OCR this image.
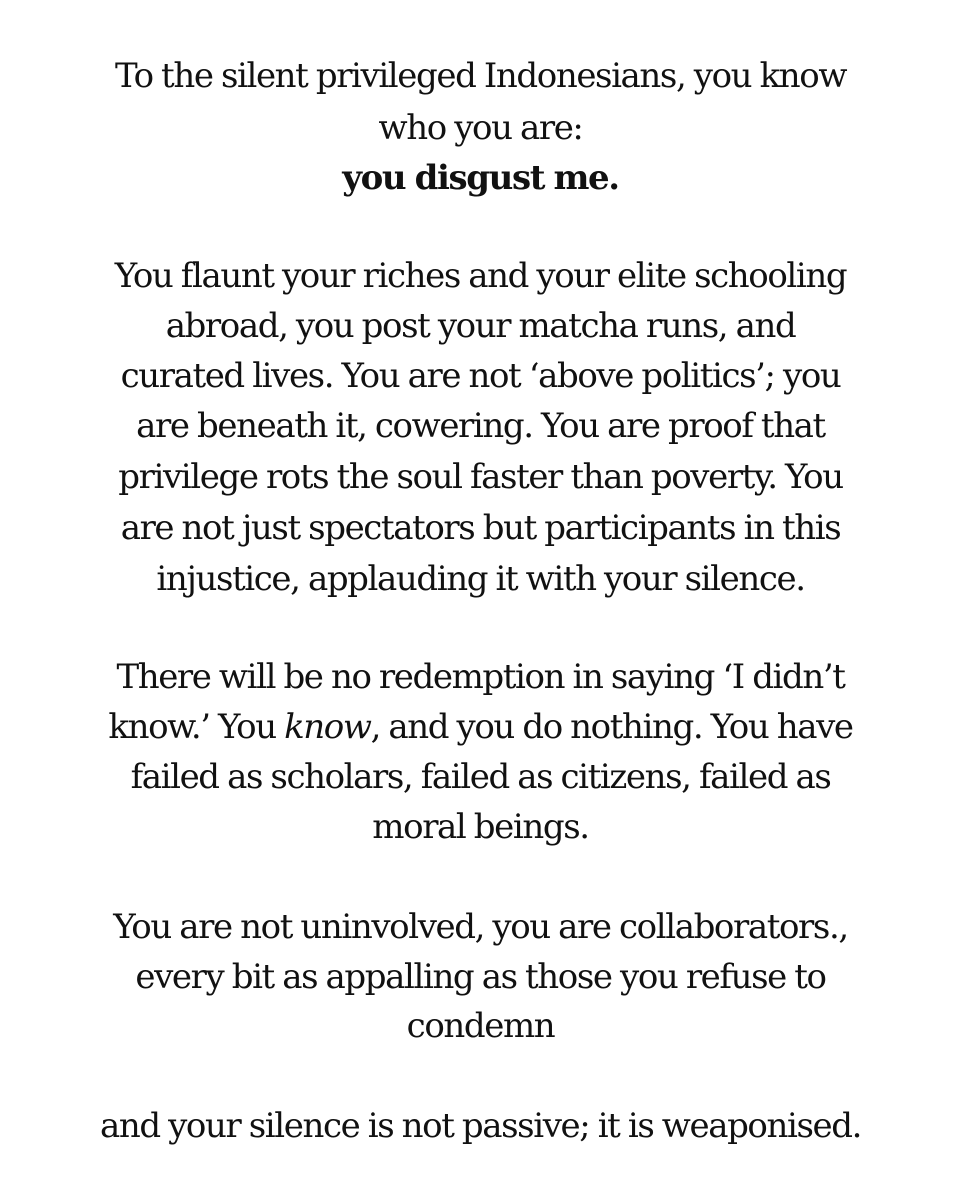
To the silent privileged Indonesians, you know
who you are:
you disgust me.
You flaunt your riches and your elite schooling
abroad, you post your matcha runs, and
curated lives. You are not ‘above politics’; you
are beneath it, cowering. You are proof that
privilege rots the soul faster than poverty. You
are not just spectators but participants in this
injustice, applauding it with your silence.
There will be no redemption in saying ‘I didn’t
know.’ You know, and you do nothing. You have
failed as scholars, failed as citizens, failed as
moral beings.
You are not uninvolved, you are collaborators.,
every bit as appalling as those you refuse to
condemn
and your silence is not passive; it is weaponised.
